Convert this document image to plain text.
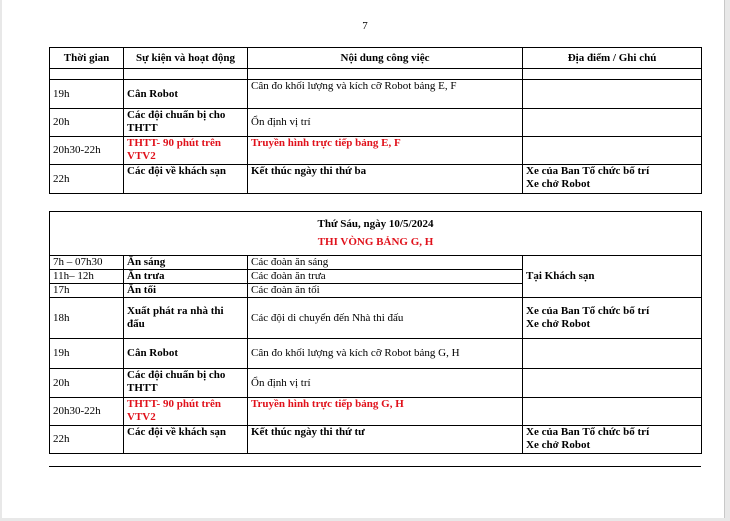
7
Thời gian	Sự kiện và hoạt động	Nội dung công việc	Địa điểm / Ghi chú

19h	Cân Robot	Cân đo khối lượng và kích cỡ Robot bảng E, F	
20h	Các đội chuẩn bị cho THTT	Ổn định vị trí	
20h30-22h	THTT- 90 phút trên VTV2	Truyền hình trực tiếp bảng E, F	
22h	Các đội về khách sạn	Kết thúc ngày thi thứ ba	Xe của Ban Tổ chức bố trí
Xe chở Robot
Thứ Sáu, ngày 10/5/2024
THI VÒNG BẢNG G, H			

7h – 07h30	Ăn sáng	Các đoàn ăn sáng	Tại Khách sạn
11h– 12h	Ăn trưa	Các đoàn ăn trưa	
17h	Ăn tối	Các đoàn ăn tối	
18h	Xuất phát ra nhà thi đấu	Các đội di chuyển đến Nhà thi đấu	Xe của Ban Tổ chức bố trí
Xe chở Robot

19h	Cân Robot	Cân đo khối lượng và kích cỡ Robot bảng G, H	
20h	Các đội chuẩn bị cho THTT	Ổn định vị trí	
20h30-22h	THTT- 90 phút trên VTV2	Truyền hình trực tiếp bảng G, H	
22h	Các đội về khách sạn	Kết thúc ngày thi thứ tư	Xe của Ban Tổ chức bố trí
Xe chở Robot
